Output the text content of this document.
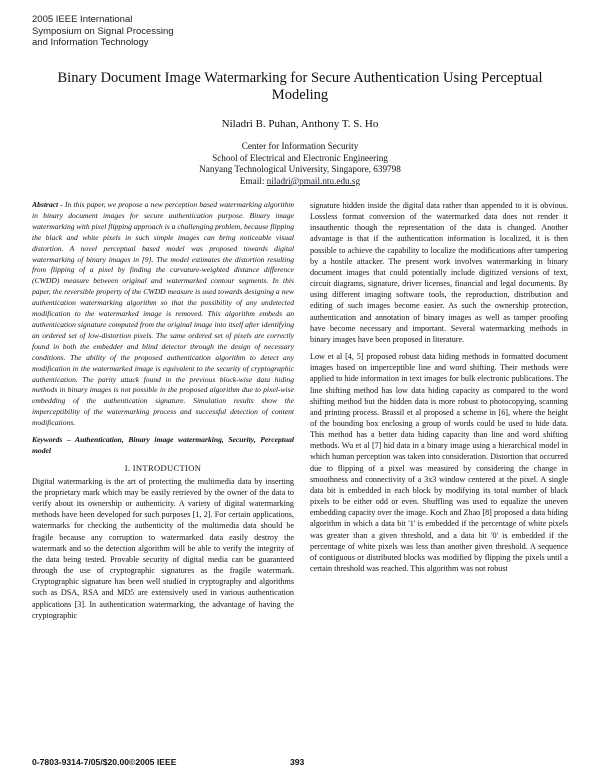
2005 IEEE International
Symposium on Signal Processing
and Information Technology
Binary Document Image Watermarking for Secure Authentication Using Perceptual Modeling
Niladri B. Puhan, Anthony T. S. Ho
Center for Information Security
School of Electrical and Electronic Engineering
Nanyang Technological University, Singapore, 639798
Email: niladri@pmail.ntu.edu.sg

Abstract - In this paper, we propose a new perception based watermarking algorithm in binary document images for secure authentication purpose. Binary image watermarking with pixel flipping approach is a challenging problem, because flipping the black and white pixels in such simple images can bring noticeable visual distortion. A novel perceptual based model was proposed towards digital watermarking of binary images in [9]. The model estimates the distortion resulting from flipping of a pixel by finding the curvature-weighted distance difference (CWDD) measure between original and watermarked contour segments. In this paper, the reversible property of the CWDD measure is used towards designing a new authentication watermarking algorithm so that the possibility of any undetected modification to the watermarked image is removed. This algorithm embeds an authentication signature computed from the original image into itself after identifying an ordered set of low-distortion pixels. The same ordered set of pixels are correctly found in both the embedder and blind detector through the design of necessary conditions. The ability of the proposed authentication algorithm to detect any modification in the watermarked image is equivalent to the security of cryptographic authentication. The parity attack found in the previous block-wise data hiding methods in binary images is not possible in the proposed algorithm due to pixel-wise embedding of the authentication signature. Simulation results show the imperceptibility of the watermarking process and successful detection of content modifications.

Keywords – Authentication, Binary image watermarking, Security, Perceptual model

I. INTRODUCTION

Digital watermarking is the art of protecting the multimedia data by inserting the proprietary mark which may be easily retrieved by the owner of the data to verify about its ownership or authenticity. A variety of digital watermarking methods have been developed for such purposes [1, 2]. For certain applications, watermarks for checking the authenticity of the multimedia data should be fragile because any corruption to watermarked data easily destroy the watermark and so the detection algorithm will be able to verify the integrity of the data being tested. Provable security of digital media can be guaranteed through the use of cryptographic signatures as the fragile watermark. Cryptographic signature has been well studied in cryptography and algorithms such as DSA, RSA and MD5 are extensively used in various authentication applications [3]. In authentication watermarking, the advantage of having the cryptographic

signature hidden inside the digital data rather than appended to it is obvious. Lossless format conversion of the watermarked data does not render it insauthentic though the representation of the data is changed. Another advantage is that if the authentication information is localized, it is then possible to achieve the capability to localize the modifications after tampering by a hostile attacker. The present work involves watermarking in binary document images that could potentially include digitized versions of text, circuit diagrams, signature, driver licenses, financial and legal documents. By using different imaging software tools, the reproduction, distribution and editing of such images become easier. As such the ownership protection, authentication and annotation of binary images as well as tamper proofing have become necessary and important. Several watermarking methods in binary images have been proposed in literature.

Low et al [4, 5] proposed robust data hiding methods in formatted document images based on imperceptible line and word shifting. Their methods were applied to hide information in text images for bulk electronic publications. The line shifting method has low data hiding capacity as compared to the word shifting method but the hidden data is more robust to photocopying, scanning and printing process. Brassil et al proposed a scheme in [6], where the height of the bounding box enclosing a group of words could be used to hide data. This method has a better data hiding capacity than line and word shifting methods. Wu et al [7] hid data in a binary image using a hierarchical model in which human perception was taken into consideration. Distortion that occurred due to flipping of a pixel was measured by considering the change in smoothness and connectivity of a 3x3 window centered at the pixel. A single data bit is embedded in each block by modifying its total number of black pixels to be either odd or even. Shuffling was used to equalize the uneven embedding capacity over the image. Koch and Zhao [8] proposed a data hiding algorithm in which a data bit '1' is embedded if the percentage of white pixels was greater than a given threshold, and a data bit '0' is embedded if the percentage of white pixels was less than another given threshold. A sequence of contiguous or distributed blocks was modified by flipping the pixels until a certain threshold was reached. This algorithm was not robust

0-7803-9314-7/05/$20.00©2005 IEEE	393
